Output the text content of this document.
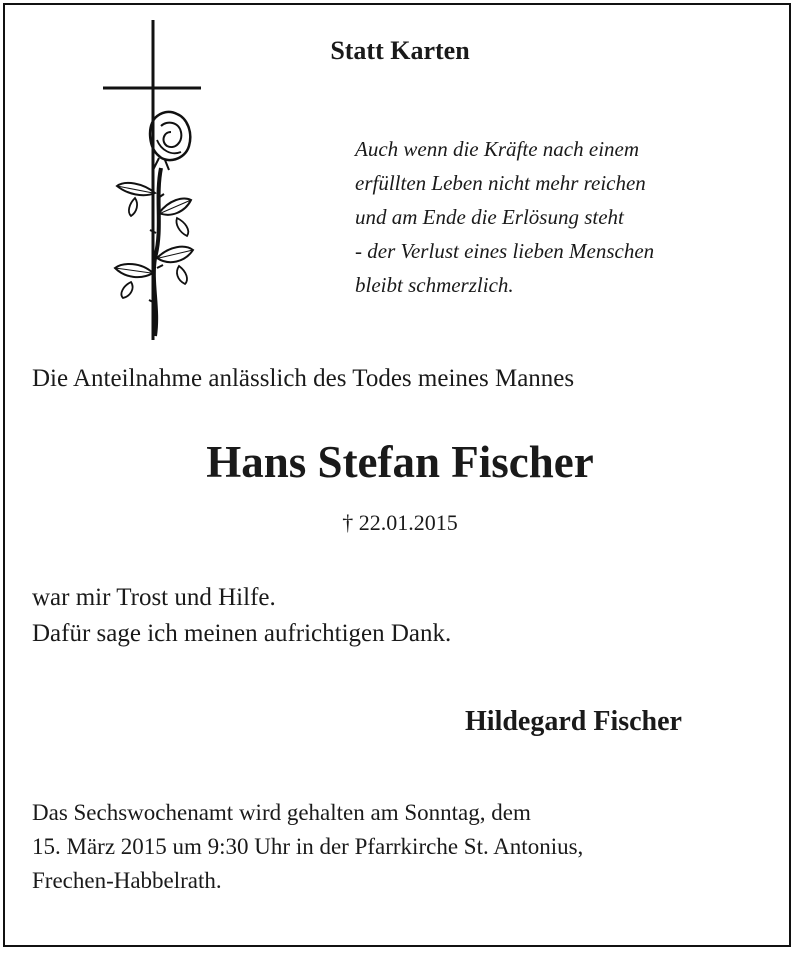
Statt Karten
Auch wenn die Kräfte nach einem
erfüllten Leben nicht mehr reichen
und am Ende die Erlösung steht
- der Verlust eines lieben Menschen
bleibt schmerzlich.
Die Anteilnahme anlässlich des Todes meines Mannes
Hans Stefan Fischer
† 22.01.2015
war mir Trost und Hilfe.
Dafür sage ich meinen aufrichtigen Dank.
Hildegard Fischer
Das Sechswochenamt wird gehalten am Sonntag, dem
15. März 2015 um 9:30 Uhr in der Pfarrkirche St. Antonius,
Frechen-Habbelrath.
